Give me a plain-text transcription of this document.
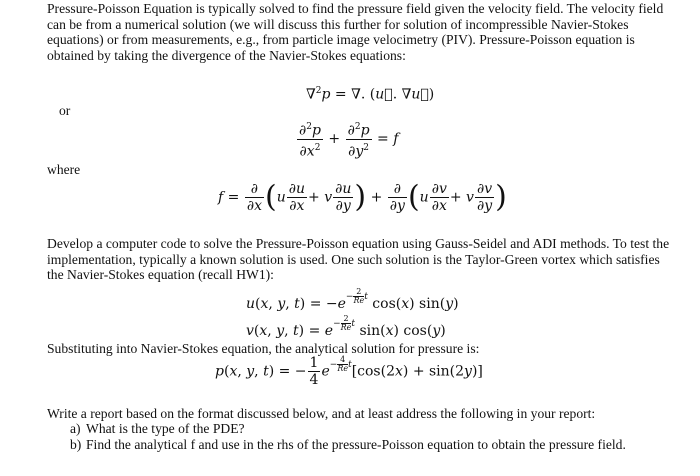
Pressure-Poisson Equation is typically solved to find the pressure field given the velocity field. The velocity field can be from a numerical solution (we will discuss this further for solution of incompressible Navier-Stokes equations) or from measurements, e.g., from particle image velocimetry (PIV). Pressure-Poisson equation is obtained by taking the divergence of the Navier-Stokes equations:
∇$^2$p = ∇. (u⃗. ∇u⃗)
or
$\frac{\partial^2p}{\partial x^2} + \frac{\partial^2p}{\partial y^2} = f$
where
$f = \frac{\partial}{\partial x} (u \frac{\partial u}{\partial x} + v \frac{\partial u}{\partial y}$ ) + $\frac{\partial}{\partial y} (u \frac{\partial v}{\partial x} + v \frac{\partial v}{\partial y}$ )
Develop a computer code to solve the Pressure-Poisson equation using Gauss-Seidel and ADI methods. To test the implementation, typically a known solution is used. One such solution is the Taylor-Green vortex which satisfies the Navier-Stokes equation (recall HW1):
u(x, y, $t) = -e- \frac{2}{Re}$ t cos(x) sin(y)
v(x, y, $t) = e- \frac{2}{Re}$ t sin(x) cos(y)
Substituting into Navier-Stokes equation, the analytical solution for pressure is:
p(x, y, t) = − $\frac{1}{4} e- \frac{4}{Re} t[\cos(2x) + \sin(2y)]$
Write a report based on the format discussed below, and at least address the following in your report:
a) What is the type of the PDE?
b) Find the analytical f and use in the rhs of the pressure-Poisson equation to obtain the pressure field.
